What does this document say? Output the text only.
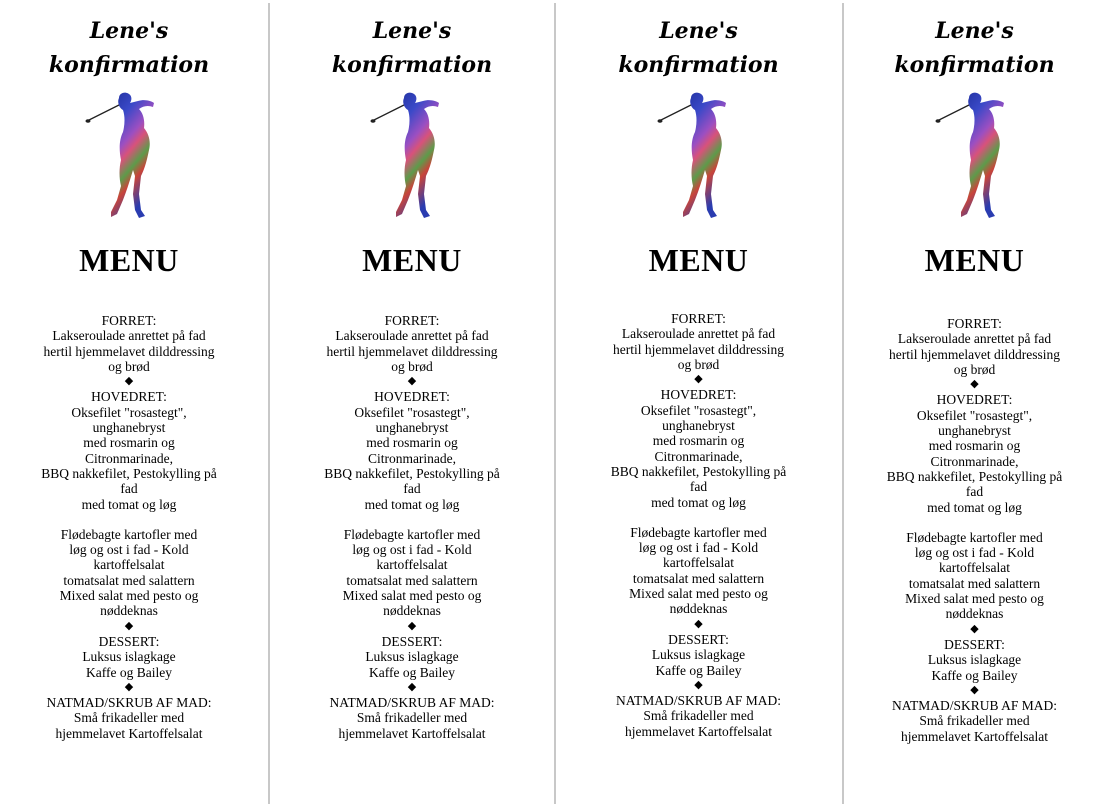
Lene's
konfirmation
MENU
FORRET:
Lakseroulade anrettet på fad
hertil hjemmelavet dilddressing
og brød
◆
HOVEDRET:
Oksefilet "rosastegt",
unghanebryst
med rosmarin og
Citronmarinade,
BBQ nakkefilet, Pestokylling på
fad
med tomat og løg
Flødebagte kartofler med
løg og ost i fad - Kold
kartoffelsalat
tomatsalat med salattern
Mixed salat med pesto og
nøddeknas
◆
DESSERT:
Luksus islagkage
Kaffe og Bailey
◆
NATMAD/SKRUB AF MAD:
Små frikadeller med
hjemmelavet Kartoffelsalat
Lene's
konfirmation
MENU
FORRET:
Lakseroulade anrettet på fad
hertil hjemmelavet dilddressing
og brød
◆
HOVEDRET:
Oksefilet "rosastegt",
unghanebryst
med rosmarin og
Citronmarinade,
BBQ nakkefilet, Pestokylling på
fad
med tomat og løg
Flødebagte kartofler med
løg og ost i fad - Kold
kartoffelsalat
tomatsalat med salattern
Mixed salat med pesto og
nøddeknas
◆
DESSERT:
Luksus islagkage
Kaffe og Bailey
◆
NATMAD/SKRUB AF MAD:
Små frikadeller med
hjemmelavet Kartoffelsalat
Lene's
konfirmation
MENU
FORRET:
Lakseroulade anrettet på fad
hertil hjemmelavet dilddressing
og brød
◆
HOVEDRET:
Oksefilet "rosastegt",
unghanebryst
med rosmarin og
Citronmarinade,
BBQ nakkefilet, Pestokylling på
fad
med tomat og løg
Flødebagte kartofler med
løg og ost i fad - Kold
kartoffelsalat
tomatsalat med salattern
Mixed salat med pesto og
nøddeknas
◆
DESSERT:
Luksus islagkage
Kaffe og Bailey
◆
NATMAD/SKRUB AF MAD:
Små frikadeller med
hjemmelavet Kartoffelsalat
Lene's
konfirmation
MENU
FORRET:
Lakseroulade anrettet på fad
hertil hjemmelavet dilddressing
og brød
◆
HOVEDRET:
Oksefilet "rosastegt",
unghanebryst
med rosmarin og
Citronmarinade,
BBQ nakkefilet, Pestokylling på
fad
med tomat og løg
Flødebagte kartofler med
løg og ost i fad - Kold
kartoffelsalat
tomatsalat med salattern
Mixed salat med pesto og
nøddeknas
◆
DESSERT:
Luksus islagkage
Kaffe og Bailey
◆
NATMAD/SKRUB AF MAD:
Små frikadeller med
hjemmelavet Kartoffelsalat
